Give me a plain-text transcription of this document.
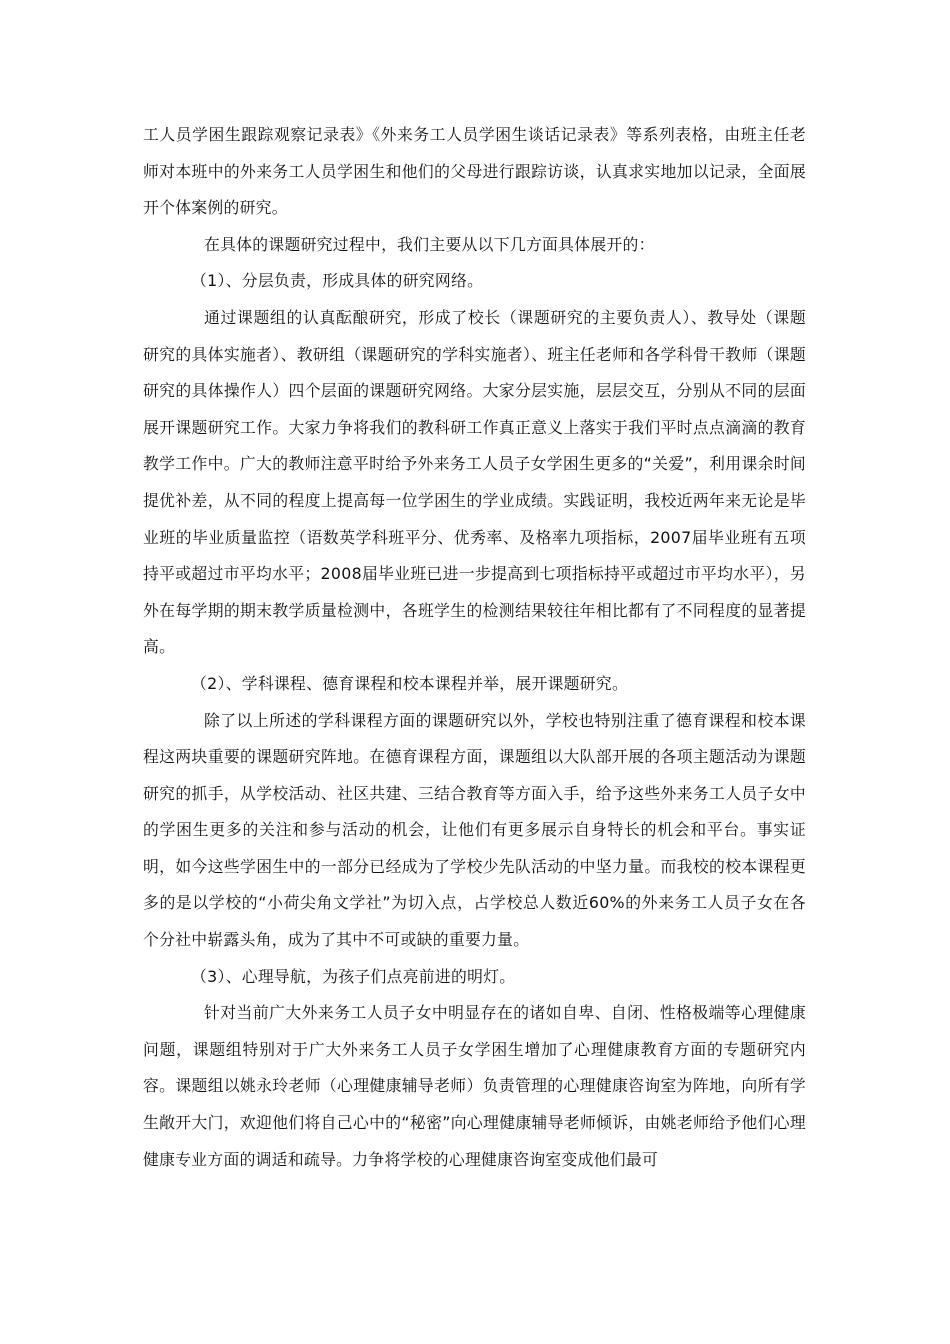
工人员学困生跟踪观察记录表》《外来务工人员学困生谈话记录表》等系列表格，由班主任老师对本班中的外来务工人员学困生和他们的父母进行跟踪访谈，认真求实地加以记录，全面展开个体案例的研究。

在具体的课题研究过程中，我们主要从以下几方面具体展开的：

（1）、分层负责，形成具体的研究网络。

通过课题组的认真酝酿研究，形成了校长（课题研究的主要负责人）、教导处（课题研究的具体实施者）、教研组（课题研究的学科实施者）、班主任老师和各学科骨干教师（课题研究的具体操作人）四个层面的课题研究网络。大家分层实施，层层交互，分别从不同的层面展开课题研究工作。大家力争将我们的教科研工作真正意义上落实于我们平时点点滴滴的教育教学工作中。广大的教师注意平时给予外来务工人员子女学困生更多的“关爱”，利用课余时间提优补差，从不同的程度上提高每一位学困生的学业成绩。实践证明，我校近两年来无论是毕业班的毕业质量监控（语数英学科班平分、优秀率、及格率九项指标，2007届毕业班有五项持平或超过市平均水平；2008届毕业班已进一步提高到七项指标持平或超过市平均水平），另外在每学期的期末教学质量检测中，各班学生的检测结果较往年相比都有了不同程度的显著提高。

（2）、学科课程、德育课程和校本课程并举，展开课题研究。

除了以上所述的学科课程方面的课题研究以外，学校也特别注重了德育课程和校本课程这两块重要的课题研究阵地。在德育课程方面，课题组以大队部开展的各项主题活动为课题研究的抓手，从学校活动、社区共建、三结合教育等方面入手，给予这些外来务工人员子女中的学困生更多的关注和参与活动的机会，让他们有更多展示自身特长的机会和平台。事实证明，如今这些学困生中的一部分已经成为了学校少先队活动的中坚力量。而我校的校本课程更多的是以学校的“小荷尖角文学社”为切入点，占学校总人数近60%的外来务工人员子女在各个分社中崭露头角，成为了其中不可或缺的重要力量。

（3）、心理导航，为孩子们点亮前进的明灯。

针对当前广大外来务工人员子女中明显存在的诸如自卑、自闭、性格极端等心理健康问题，课题组特别对于广大外来务工人员子女学困生增加了心理健康教育方面的专题研究内容。课题组以姚永玲老师（心理健康辅导老师）负责管理的心理健康咨询室为阵地，向所有学生敞开大门，欢迎他们将自己心中的“秘密”向心理健康辅导老师倾诉，由姚老师给予他们心理健康专业方面的调适和疏导。力争将学校的心理健康咨询室变成他们最可
